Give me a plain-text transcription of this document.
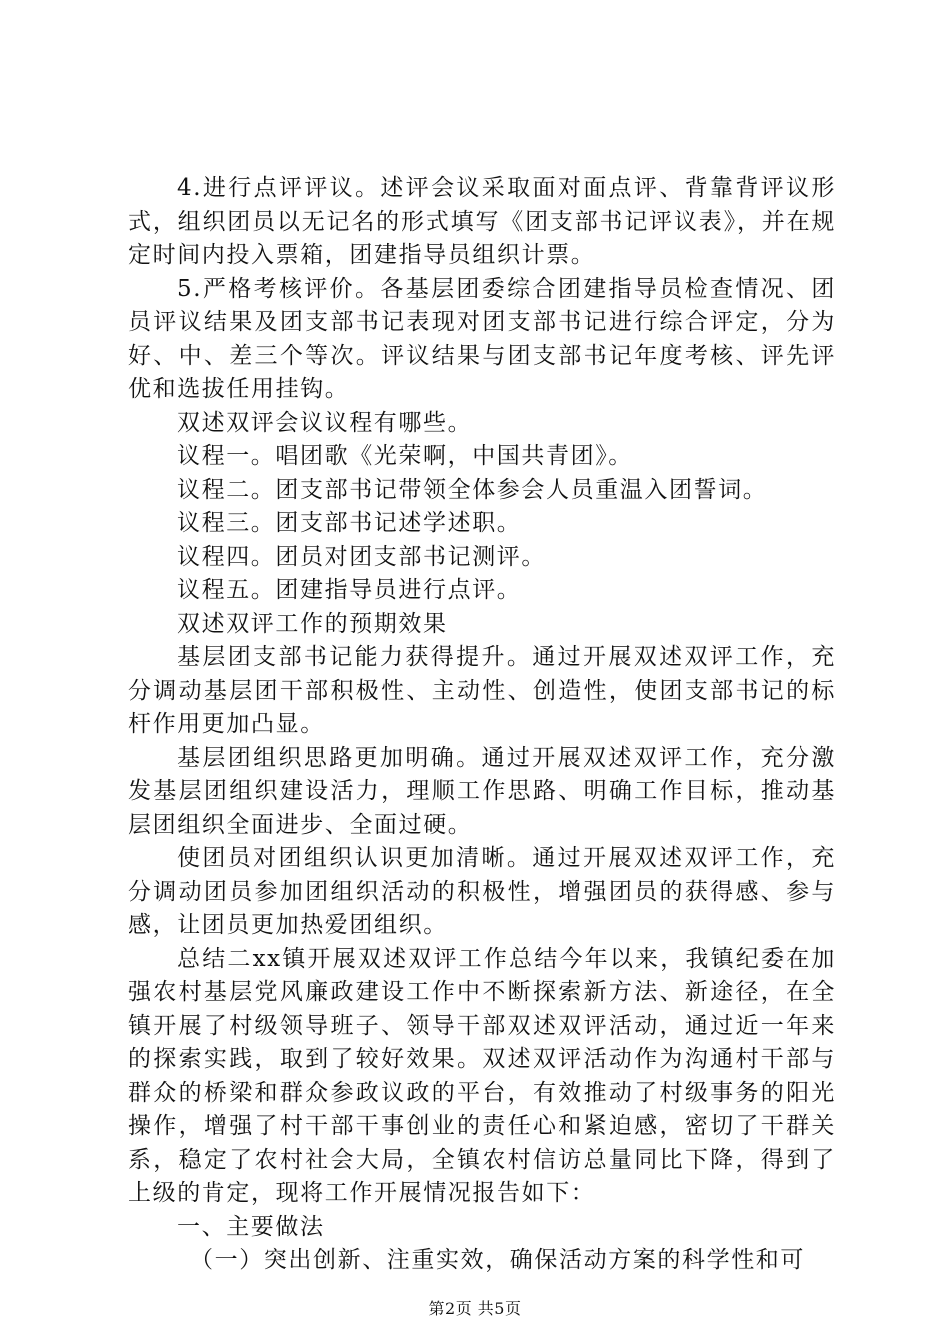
4.进行点评评议。述评会议采取面对面点评、背靠背评议形式，组织团员以无记名的形式填写《团支部书记评议表》，并在规定时间内投入票箱，团建指导员组织计票。

5.严格考核评价。各基层团委综合团建指导员检查情况、团员评议结果及团支部书记表现对团支部书记进行综合评定，分为好、中、差三个等次。评议结果与团支部书记年度考核、评先评优和选拔任用挂钩。

双述双评会议议程有哪些。

议程一。唱团歌《光荣啊，中国共青团》。

议程二。团支部书记带领全体参会人员重温入团誓词。

议程三。团支部书记述学述职。

议程四。团员对团支部书记测评。

议程五。团建指导员进行点评。

双述双评工作的预期效果

基层团支部书记能力获得提升。通过开展双述双评工作，充分调动基层团干部积极性、主动性、创造性，使团支部书记的标杆作用更加凸显。

基层团组织思路更加明确。通过开展双述双评工作，充分激发基层团组织建设活力，理顺工作思路、明确工作目标，推动基层团组织全面进步、全面过硬。

使团员对团组织认识更加清晰。通过开展双述双评工作，充分调动团员参加团组织活动的积极性，增强团员的获得感、参与感，让团员更加热爱团组织。

总结二xx镇开展双述双评工作总结今年以来，我镇纪委在加强农村基层党风廉政建设工作中不断探索新方法、新途径，在全镇开展了村级领导班子、领导干部双述双评活动，通过近一年来的探索实践，取到了较好效果。双述双评活动作为沟通村干部与群众的桥梁和群众参政议政的平台，有效推动了村级事务的阳光操作，增强了村干部干事创业的责任心和紧迫感，密切了干群关系，稳定了农村社会大局，全镇农村信访总量同比下降，得到了上级的肯定，现将工作开展情况报告如下：

一、主要做法

（一）突出创新、注重实效，确保活动方案的科学性和可

第2页 共5页
